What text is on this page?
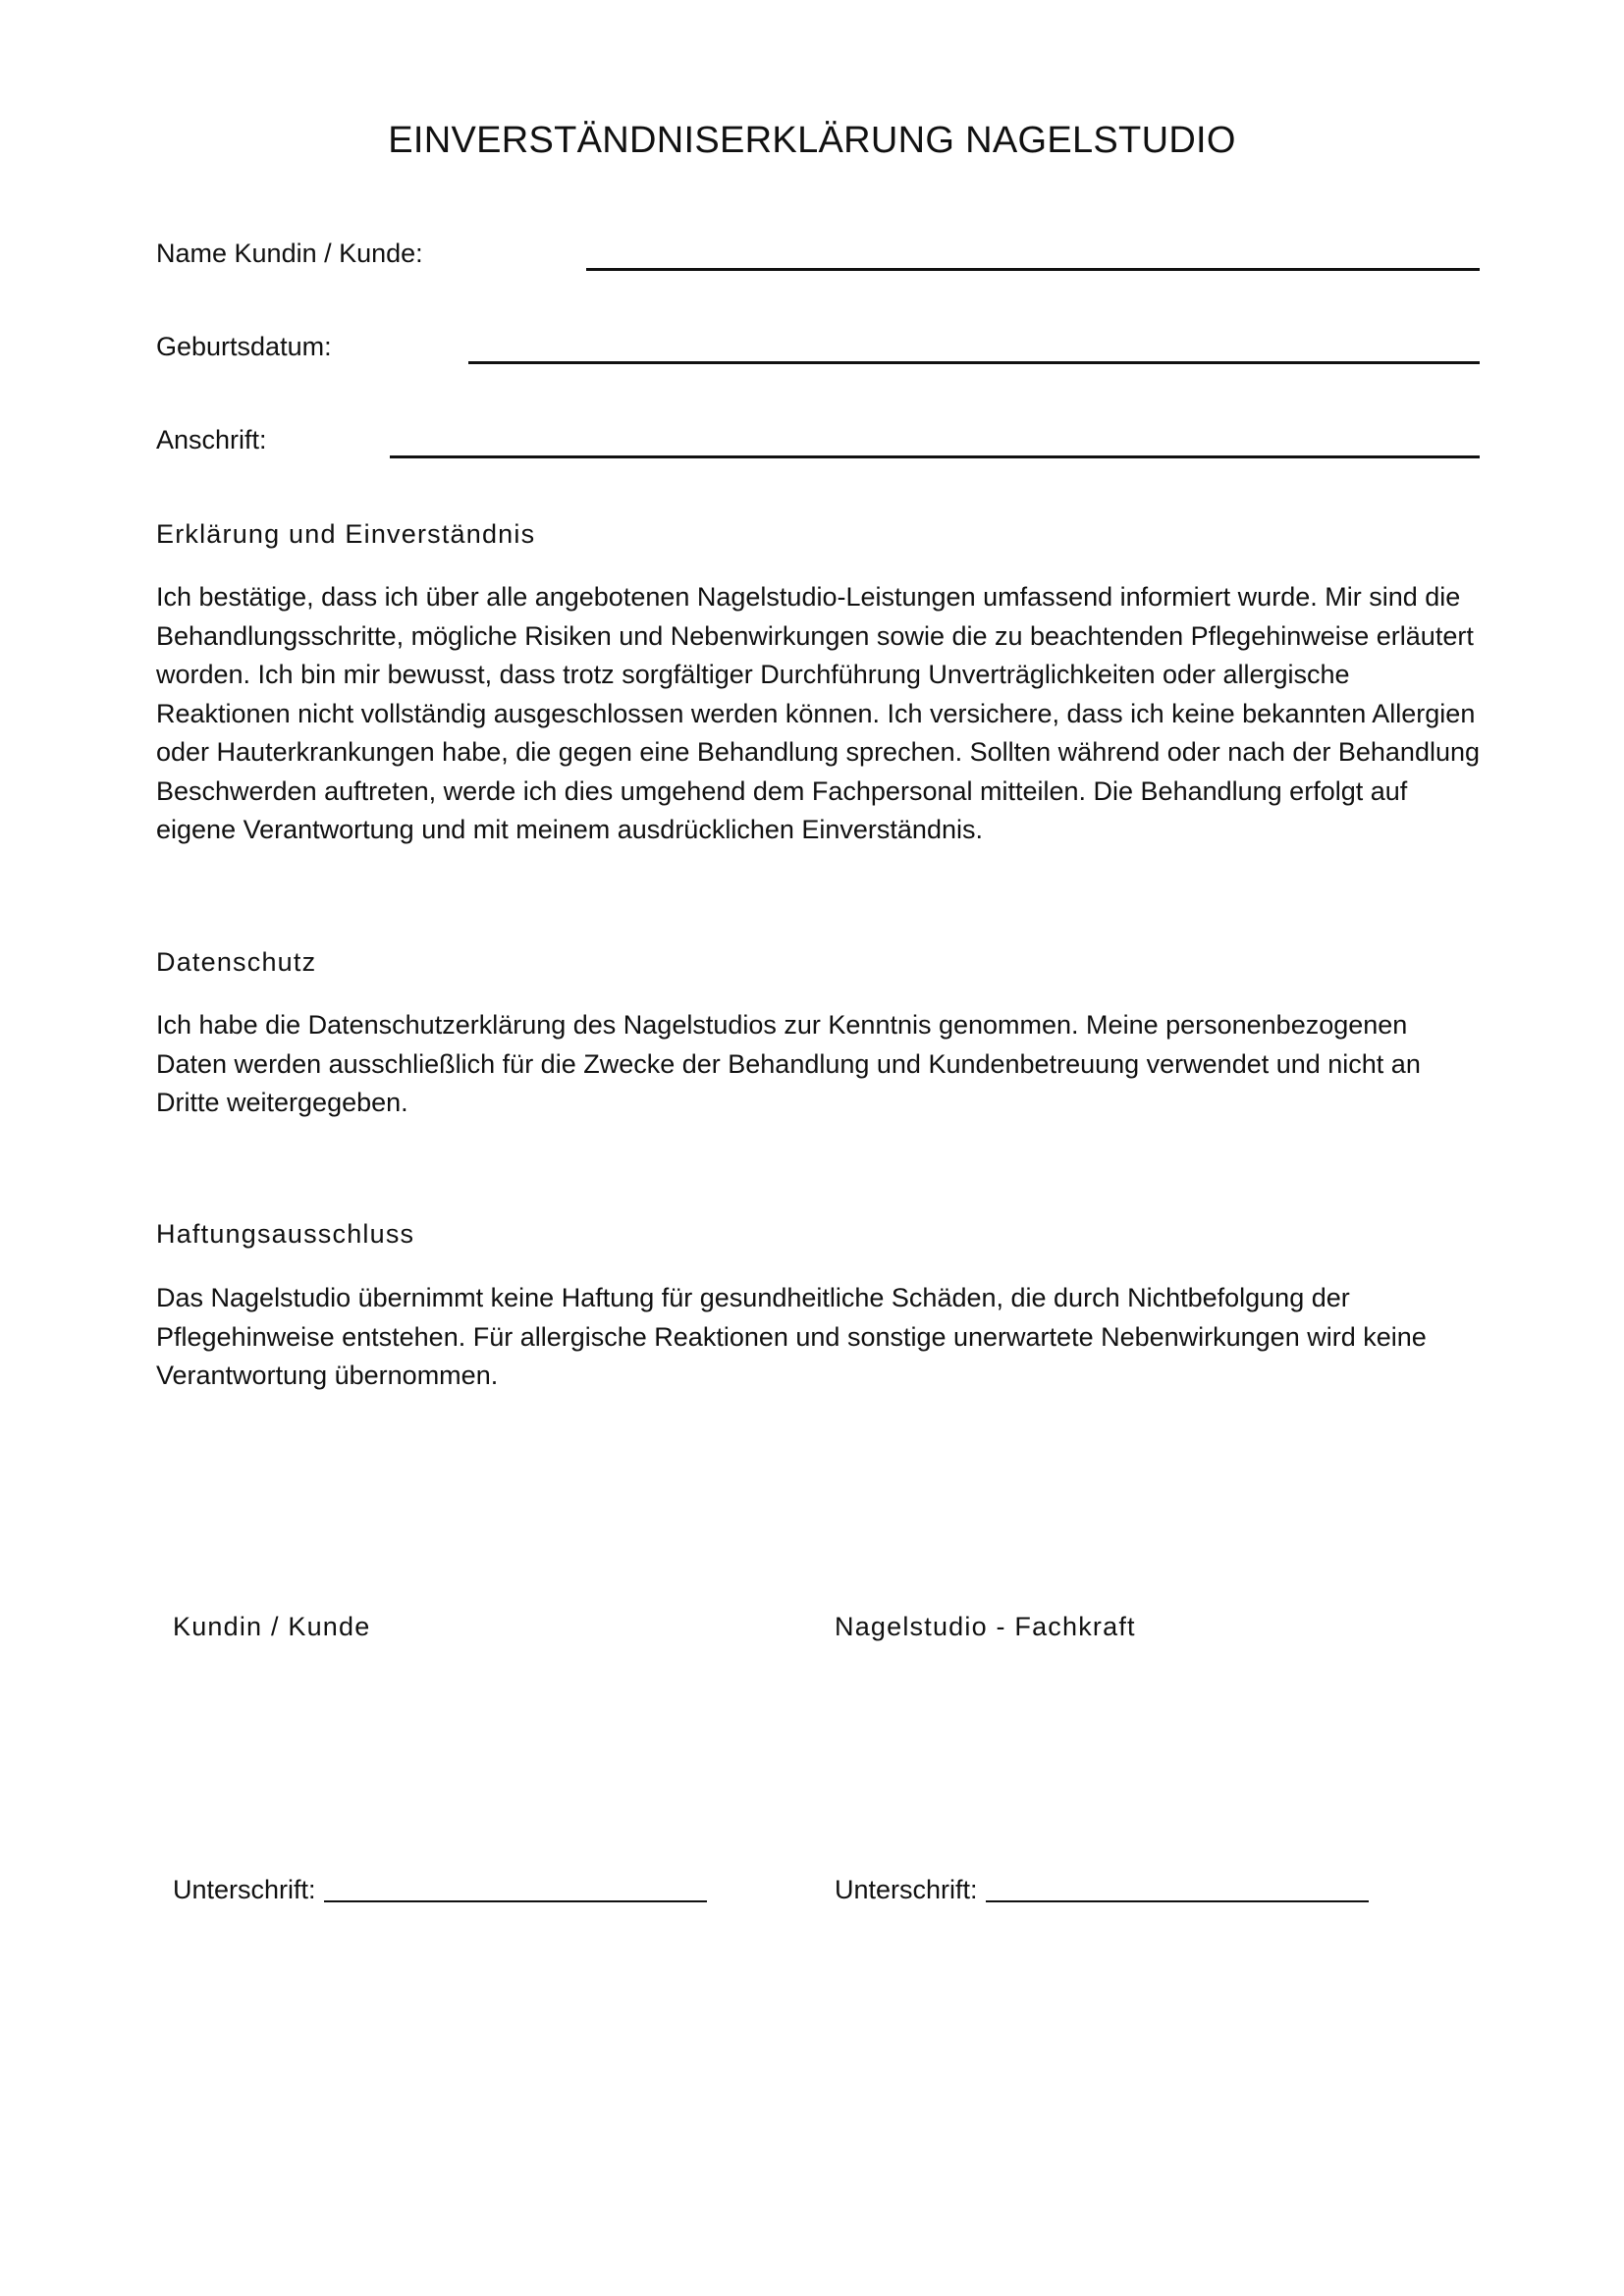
EINVERSTÄNDNISERKLÄRUNG NAGELSTUDIO
Name Kundin / Kunde:
Geburtsdatum:
Anschrift:
Erklärung und Einverständnis

Ich bestätige, dass ich über alle angebotenen Nagelstudio-Leistungen umfassend informiert wurde. Mir sind die Behandlungsschritte, mögliche Risiken und Nebenwirkungen sowie die zu beachtenden Pflegehinweise erläutert worden. Ich bin mir bewusst, dass trotz sorgfältiger Durchführung Unverträglichkeiten oder allergische Reaktionen nicht vollständig ausgeschlossen werden können. Ich versichere, dass ich keine bekannten Allergien oder Hauterkrankungen habe, die gegen eine Behandlung sprechen. Sollten während oder nach der Behandlung Beschwerden auftreten, werde ich dies umgehend dem Fachpersonal mitteilen. Die Behandlung erfolgt auf eigene Verantwortung und mit meinem ausdrücklichen Einverständnis.

Datenschutz

Ich habe die Datenschutzerklärung des Nagelstudios zur Kenntnis genommen. Meine personenbezogenen Daten werden ausschließlich für die Zwecke der Behandlung und Kundenbetreuung verwendet und nicht an Dritte weitergegeben.

Haftungsausschluss

Das Nagelstudio übernimmt keine Haftung für gesundheitliche Schäden, die durch Nichtbefolgung der Pflegehinweise entstehen. Für allergische Reaktionen und sonstige unerwartete Nebenwirkungen wird keine Verantwortung übernommen.

Kundin / Kunde	Nagelstudio - Fachkraft
Unterschrift:	Unterschrift:
